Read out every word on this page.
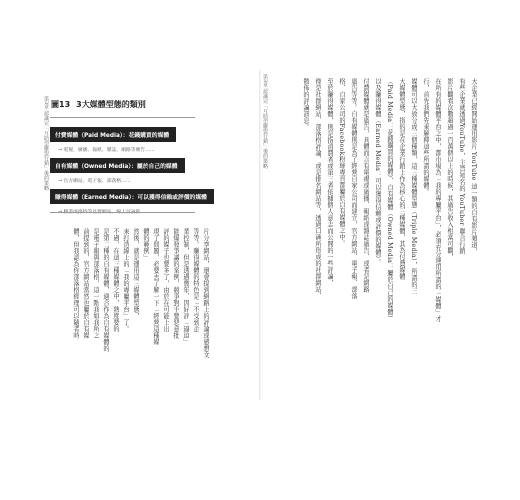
第3章 認識完「互助型聯盟行銷」後的策略	第3章 認識完「互助型聯盟行銷」後的策略
圖13 3大媒體型態的類別
付費媒體（Paid Media）：花錢購買的媒體
→ 電視、廣播、報紙、雜誌、網路等廣告……
自有媒體（Owned Media）：屬於自己的媒體
→ 官方網站、電子報、部落格……
賺得媒體（Earned Media）：可以獲得信賴或評價的媒體
→ 臉書或推特等社群網站、線上討論區……
片分享網站，還會提到網路上的評論或感想文
等等。賺得媒體的特色是「不受到企
業控制，但是透過幾年、因好評「逼迫」
能爆發爭議的案例，競爭對手要惡意批
評的媒子也要多了，由於在可能上出
現了問題，必要去了解一下「經營這種媒
體的範例」
然後，就是運用這三媒體型態，
來打造線上的「我的專屬平台」了。
不過，在這三種媒體之中，熱度要的
是第二種的自有媒體，適合作為自有媒體的
是電子報與部落格，這一點我如我所之
前提到的，官方網站當然也屬於自有媒
體，但我認為你部落格經理可以隨者時
大企業已經開始運用影片 YouTube 這一類的自有影片頻道，
有些企業就透過YouTube，主旨知名的 YouTuber 聯合行銷
影片觀看次數超過一百萬個以上的時候，其廣告收入相當可觀，
在所有的媒體平台之中，都市場為「我的專屬平台」，必須充分運用所謂的「媒體」才
行，首先我們先來解釋這些所謂的媒體。
媒體可以大致分成三個種類，這三種媒體型態（Triple Media），所謂的三
大媒體型態，指的是在企業行銷上作為核心的三種媒體，其為付費媒體
（Paid Media：花錢購買的媒體）、自有媒體（Owned Media：屬於自己的媒體）
以及賺得媒體（Earned Media：可以獲得信賴或評價的媒體）。
付費媒體就是廣告，具體而言有電視或廣播、報紙或雜誌廣告、或者是網路
廣告等等。自有媒體則是為了經營自家公司而建立，官方網站、電子報、部落
格、自家公司的Facebook粉絲專頁都屬於自有媒體之中。
至於賺得媒體，則是指消費者或第三者依據個人意志而公開的一些評論，
像是社群網站、部落格評論、或是排名網站等，透過口碑所形成的社群網站、
散佈的評論訊息。
